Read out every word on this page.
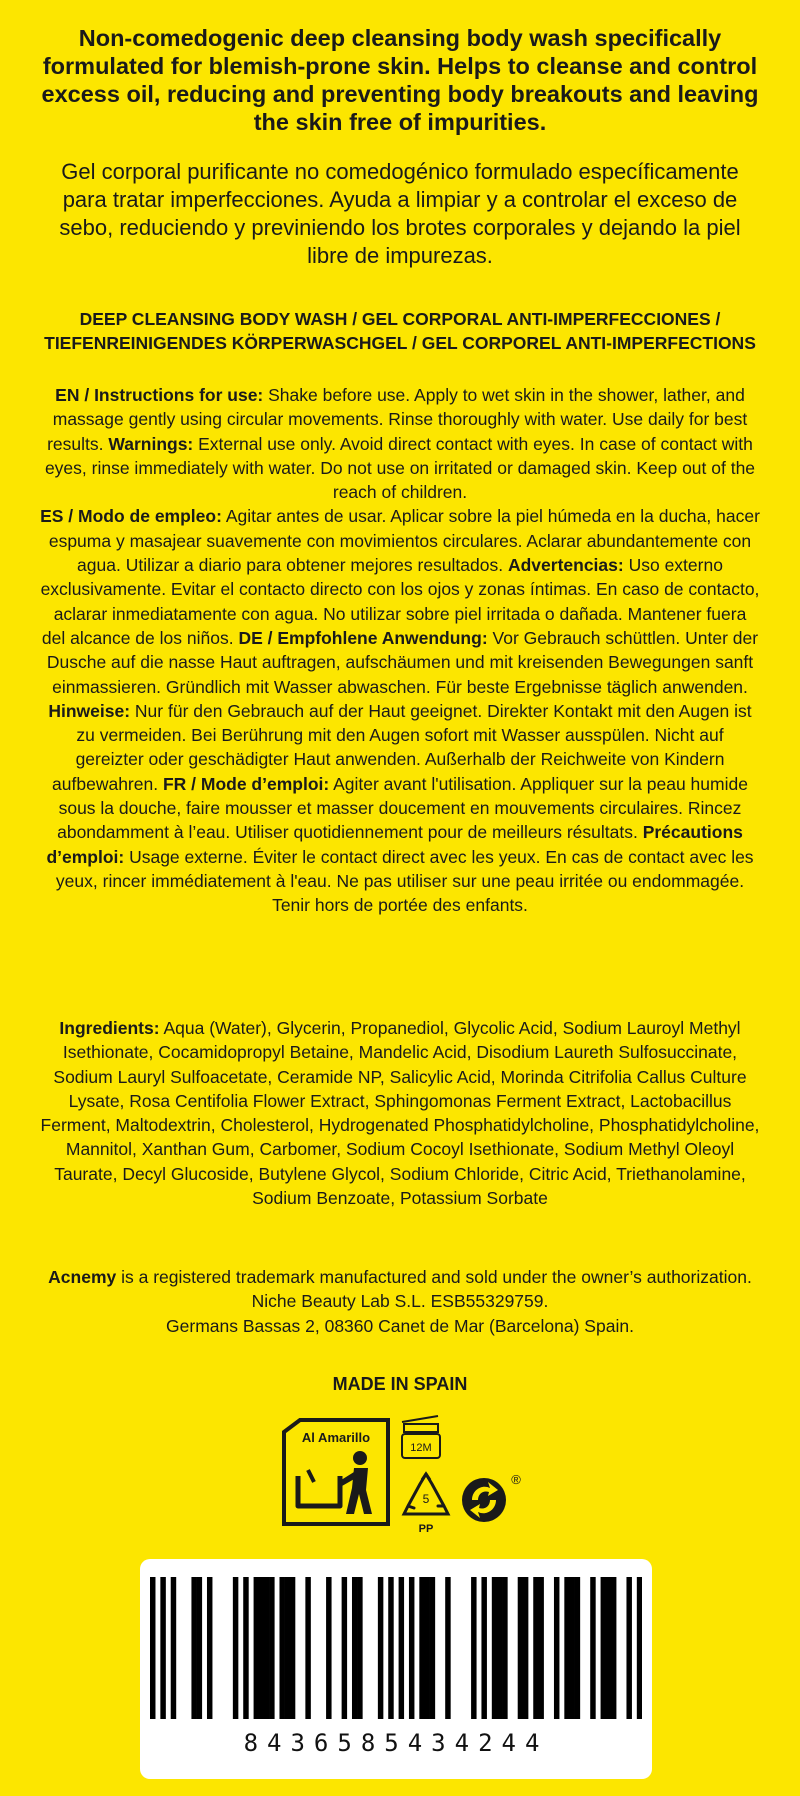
Non-comedogenic deep cleansing body wash specifically formulated for blemish-prone skin. Helps to cleanse and control excess oil, reducing and preventing body breakouts and leaving the skin free of impurities.
Gel corporal purificante no comedogénico formulado específicamente para tratar imperfecciones. Ayuda a limpiar y a controlar el exceso de sebo, reduciendo y previniendo los brotes corporales y dejando la piel libre de impurezas.
DEEP CLEANSING BODY WASH / GEL CORPORAL ANTI-IMPERFECCIONES / TIEFENREINIGENDES KÖRPERWASCHGEL / GEL CORPOREL ANTI-IMPERFECTIONS
EN / Instructions for use: Shake before use. Apply to wet skin in the shower, lather, and massage gently using circular movements. Rinse thoroughly with water. Use daily for best results. Warnings: External use only. Avoid direct contact with eyes. In case of contact with eyes, rinse immediately with water. Do not use on irritated or damaged skin. Keep out of the reach of children.
ES / Modo de empleo: Agitar antes de usar. Aplicar sobre la piel húmeda en la ducha, hacer espuma y masajear suavemente con movimientos circulares. Aclarar abundantemente con agua. Utilizar a diario para obtener mejores resultados. Advertencias: Uso externo exclusivamente. Evitar el contacto directo con los ojos y zonas íntimas. En caso de contacto, aclarar inmediatamente con agua. No utilizar sobre piel irritada o dañada. Mantener fuera del alcance de los niños. DE / Empfohlene Anwendung: Vor Gebrauch schüttlen. Unter der Dusche auf die nasse Haut auftragen, aufschäumen und mit kreisenden Bewegungen sanft einmassieren. Gründlich mit Wasser abwaschen. Für beste Ergebnisse täglich anwenden. Hinweise: Nur für den Gebrauch auf der Haut geeignet. Direkter Kontakt mit den Augen ist zu vermeiden. Bei Berührung mit den Augen sofort mit Wasser ausspülen. Nicht auf gereizter oder geschädigter Haut anwenden. Außerhalb der Reichweite von Kindern aufbewahren. FR / Mode d’emploi: Agiter avant l'utilisation. Appliquer sur la peau humide sous la douche, faire mousser et masser doucement en mouvements circulaires. Rincez abondamment à l’eau. Utiliser quotidiennement pour de meilleurs résultats. Précautions d’emploi: Usage externe. Éviter le contact direct avec les yeux. En cas de contact avec les yeux, rincer immédiatement à l'eau. Ne pas utiliser sur une peau irritée ou endommagée. Tenir hors de portée des enfants.
Ingredients: Aqua (Water), Glycerin, Propanediol, Glycolic Acid, Sodium Lauroyl Methyl Isethionate, Cocamidopropyl Betaine, Mandelic Acid, Disodium Laureth Sulfosuccinate, Sodium Lauryl Sulfoacetate, Ceramide NP, Salicylic Acid, Morinda Citrifolia Callus Culture Lysate, Rosa Centifolia Flower Extract, Sphingomonas Ferment Extract, Lactobacillus Ferment, Maltodextrin, Cholesterol, Hydrogenated Phosphatidylcholine, Phosphatidylcholine, Mannitol, Xanthan Gum, Carbomer, Sodium Cocoyl Isethionate, Sodium Methyl Oleoyl Taurate, Decyl Glucoside, Butylene Glycol, Sodium Chloride, Citric Acid, Triethanolamine, Sodium Benzoate, Potassium Sorbate
Acnemy is a registered trademark manufactured and sold under the owner’s authorization.
Niche Beauty Lab S.L. ESB55329759.
Germans Bassas 2, 08360 Canet de Mar (Barcelona) Spain.
MADE IN SPAIN
Al Amarillo
12M
5
PP
®
8436585434244
